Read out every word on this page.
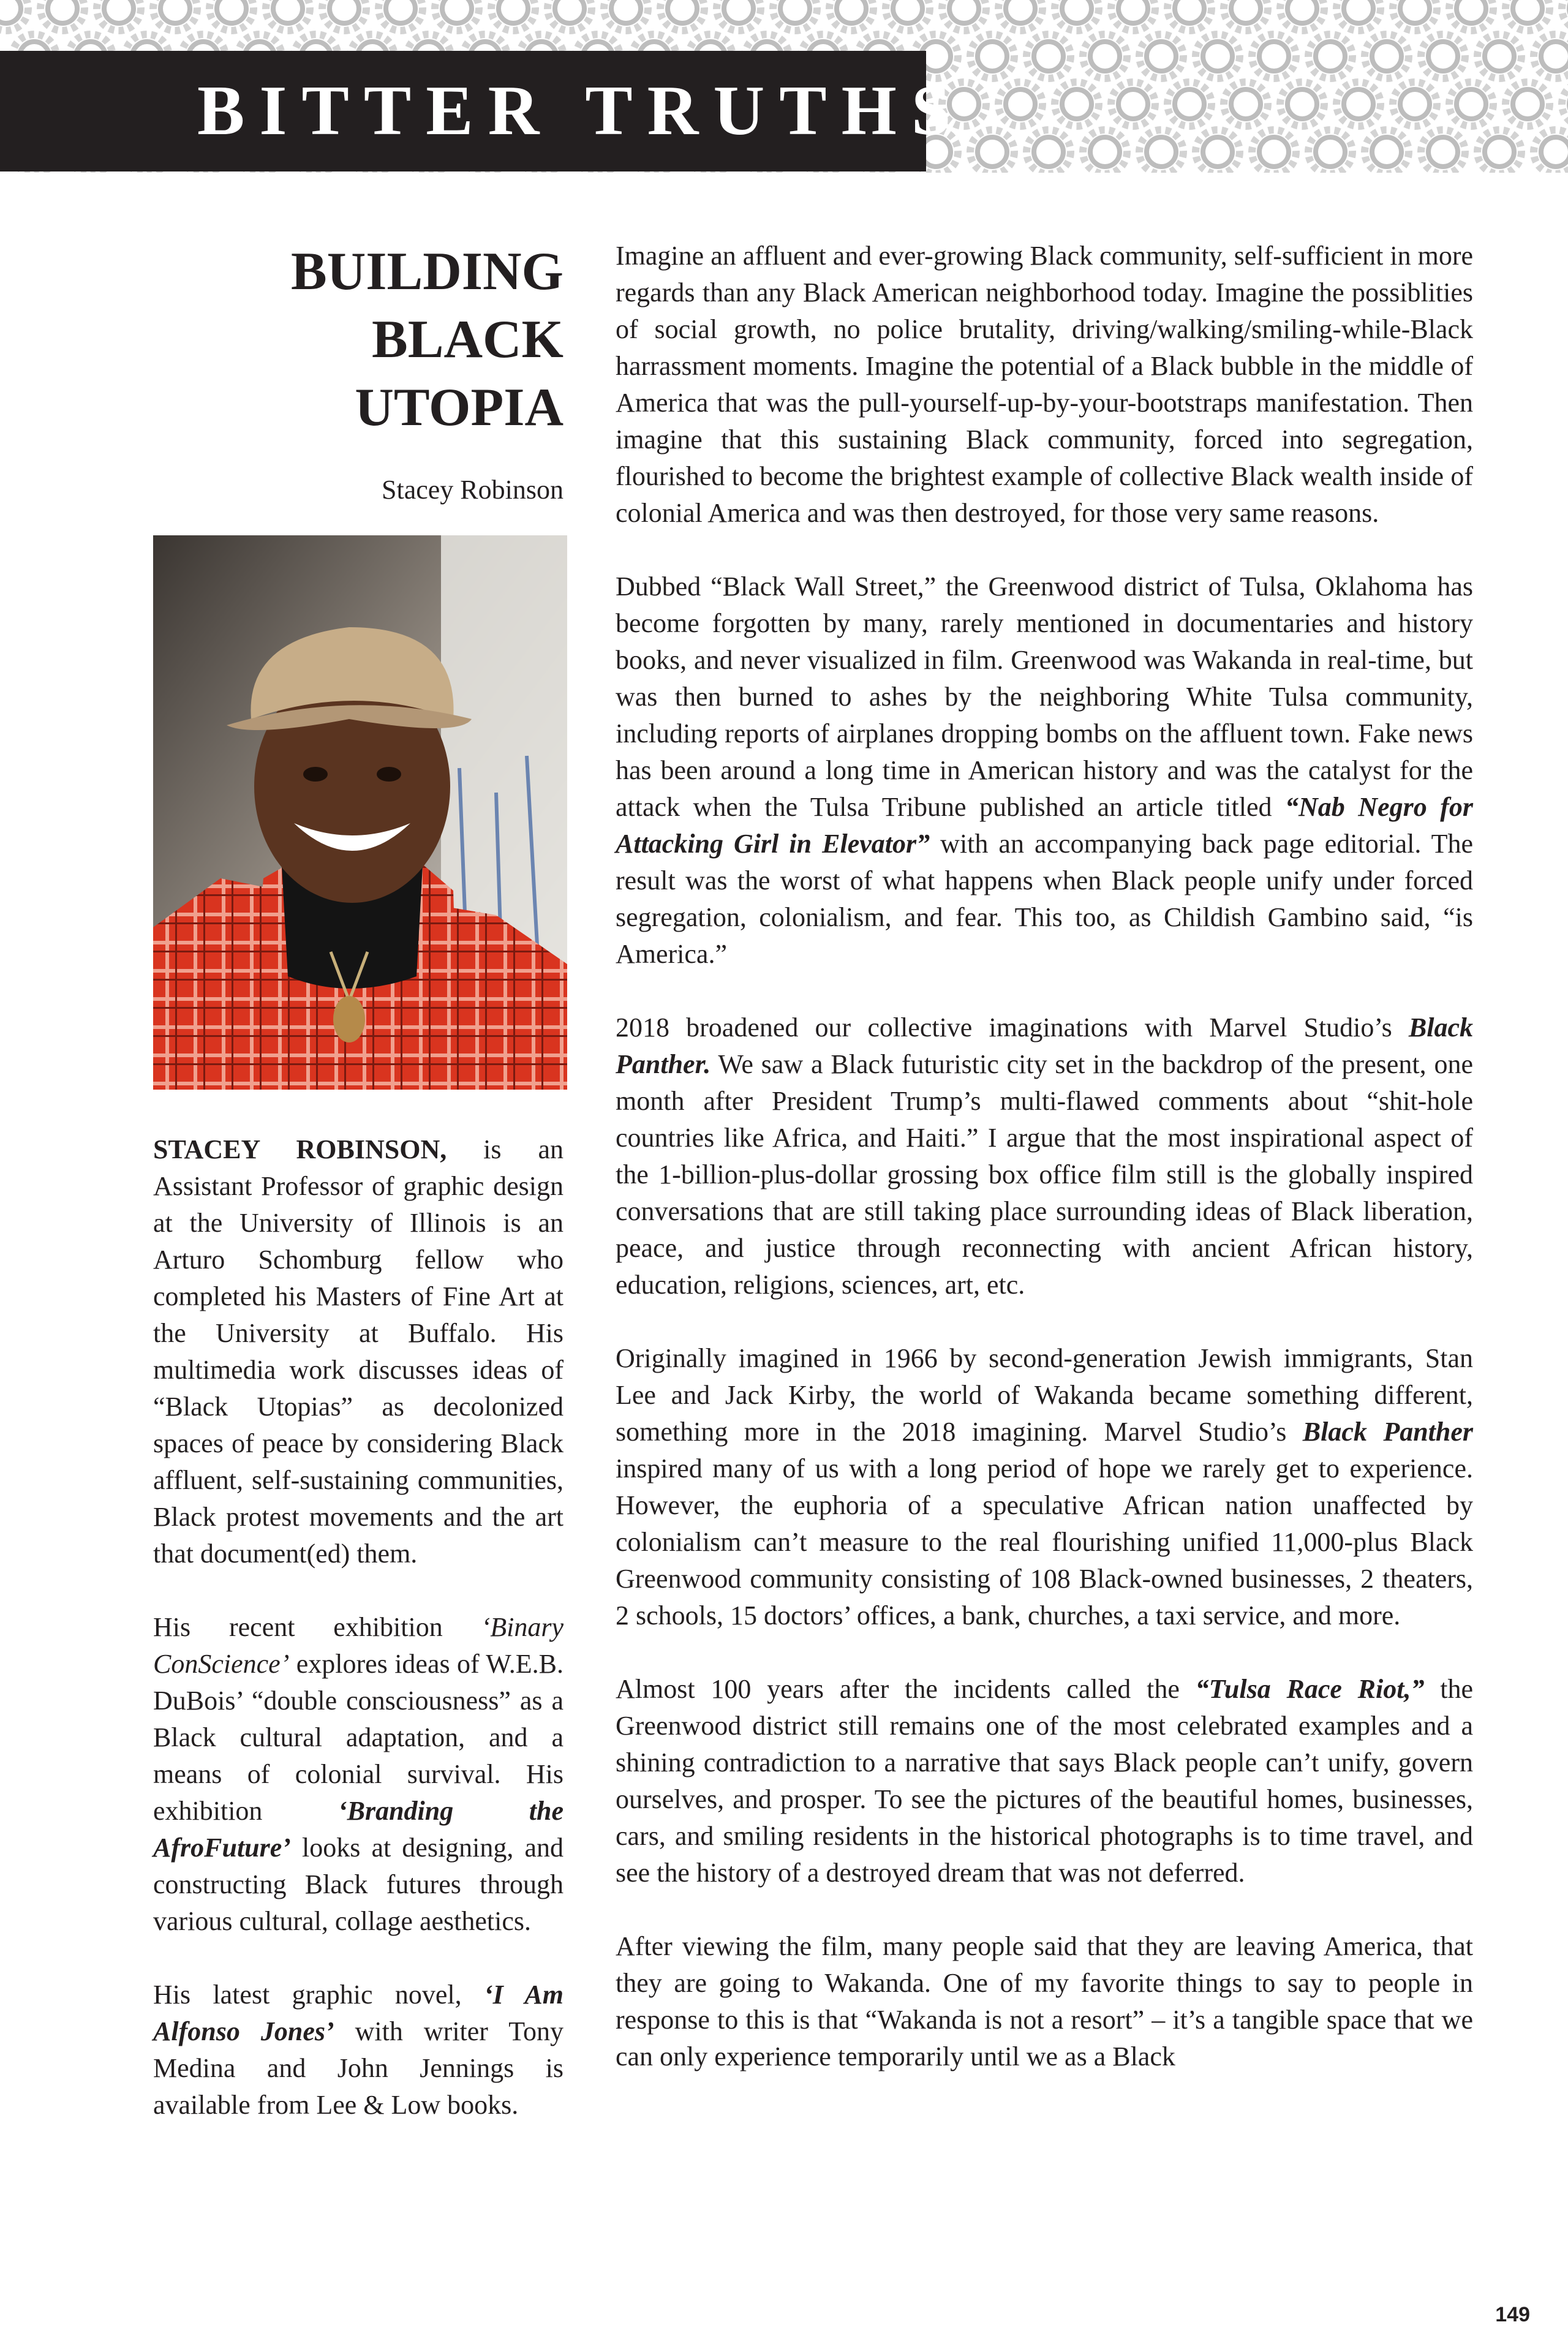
BITTER TRUTHS
BUILDING
BLACK
UTOPIA
Stacey Robinson

STACEY ROBINSON, is an Assistant Professor of graphic design at the University of Illinois is an Arturo Schomburg fellow who completed his Masters of Fine Art at the University at Buffalo. His multimedia work discusses ideas of “Black Utopias” as decolonized spaces of peace by considering Black affluent, self-sustaining communities, Black protest movements and the art that document(ed) them.

His recent exhibition ‘Binary ConScience’ explores ideas of W.E.B. DuBois’ “double consciousness” as a Black cultural adaptation, and a means of colonial survival. His exhibition ‘Branding the AfroFuture’ looks at designing, and constructing Black futures through various cultural, collage aesthetics.

His latest graphic novel, ‘I Am Alfonso Jones’ with writer Tony Medina and John Jennings is available from Lee & Low books.

Imagine an affluent and ever-growing Black community, self-sufficient in more regards than any Black American neighborhood today. Imagine the possiblities of social growth, no police brutality, driving/walking/smiling-while-Black harrassment moments. Imagine the potential of a Black bubble in the middle of America that was the pull-yourself-up-by-your-bootstraps manifestation. Then imagine that this sustaining Black community, forced into segregation, flourished to become the brightest example of collective Black wealth inside of colonial America and was then destroyed, for those very same reasons.

Dubbed “Black Wall Street,” the Greenwood district of Tulsa, Oklahoma has become forgotten by many, rarely mentioned in documentaries and history books, and never visualized in film. Greenwood was Wakanda in real-time, but was then burned to ashes by the neighboring White Tulsa community, including reports of airplanes dropping bombs on the affluent town. Fake news has been around a long time in American history and was the catalyst for the attack when the Tulsa Tribune published an article titled “Nab Negro for Attacking Girl in Elevator” with an accompanying back page editorial. The result was the worst of what happens when Black people unify under forced segregation, colonialism, and fear. This too, as Childish Gambino said, “is America.”

2018 broadened our collective imaginations with Marvel Studio’s Black Panther. We saw a Black futuristic city set in the backdrop of the present, one month after President Trump’s multi-flawed comments about “shit-hole countries like Africa, and Haiti.” I argue that the most inspirational aspect of the 1-billion-plus-dollar grossing box office film still is the globally inspired conversations that are still taking place surrounding ideas of Black liberation, peace, and justice through reconnecting with ancient African history, education, religions, sciences, art, etc.

Originally imagined in 1966 by second-generation Jewish immigrants, Stan Lee and Jack Kirby, the world of Wakanda became something different, something more in the 2018 imagining. Marvel Studio’s Black Panther inspired many of us with a long period of hope we rarely get to experience. However, the euphoria of a speculative African nation unaffected by colonialism can’t measure to the real flourishing unified 11,000-plus Black Greenwood community consisting of 108 Black-owned businesses, 2 theaters, 2 schools, 15 doctors’ offices, a bank, churches, a taxi service, and more.

Almost 100 years after the incidents called the “Tulsa Race Riot,” the Greenwood district still remains one of the most celebrated examples and a shining contradiction to a narrative that says Black people can’t unify, govern ourselves, and prosper. To see the pictures of the beautiful homes, businesses, cars, and smiling residents in the historical photographs is to time travel, and see the history of a destroyed dream that was not deferred.

After viewing the film, many people said that they are leaving America, that they are going to Wakanda. One of my favorite things to say to people in response to this is that “Wakanda is not a resort” – it’s a tangible space that we can only experience temporarily until we as a Black

149
